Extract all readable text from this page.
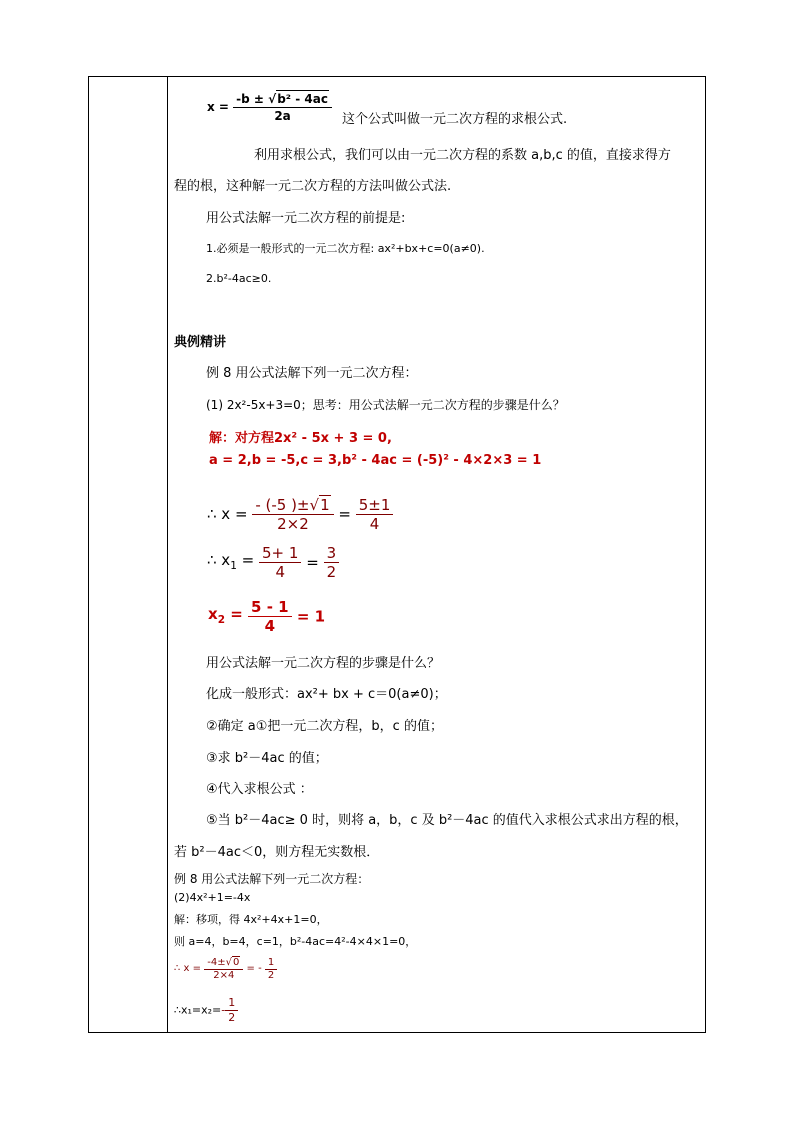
$x = \frac{\text{-b ± √b² - 4ac}}{2a}$ 这个公式叫做一元二次方程的求根公式.
利用求根公式，我们可以由一元二次方程的系数 a,b,c 的值，直接求得方
程的根，这种解一元二次方程的方法叫做公式法.
用公式法解一元二次方程的前提是:
1.必须是一般形式的一元二次方程: ax²+bx+c=0(a≠0).
2.b²-4ac≥0.
典例精讲
例 8 用公式法解下列一元二次方程：
(1) 2x²-5x+3=0；思考：用公式法解一元二次方程的步骤是什么？
解：对方程2x² - 5x + 3 = 0,
a = 2,b = -5,c = 3,b² - 4ac = (-5)² - 4×2×3 = 1
∴ $x = \frac{- (-5 )\pm√1}{2\times 2} = \frac{5\pm 1}{4}$
∴ $x_1 = \frac{5+ 1}{4} = \frac{3}{2}$
$x_2 = \frac{5 - 1}{4} = 1$
用公式法解一元二次方程的步骤是什么？
化成一般形式：ax²+ bx + c＝0(a≠0)；
②确定 a①把一元二次方程，b，c 的值；
③求 b²－4ac 的值；
④代入求根公式 ：
⑤当 b²－4ac≥ 0 时，则将 a，b，c 及 b²－4ac 的值代入求根公式求出方程的根，
若 b²－4ac＜0，则方程无实数根．
例 8 用公式法解下列一元二次方程：
(2)4x²+1=-4x
解：移项，得 4x²+4x+1=0，
则 a=4，b=4，c=1，b²-4ac=4²-4×4×1=0，
∴ $x = \frac{-4\pm√0}{2\times 4}$ = - $\frac{1}{2}$
∴x₁=x₂=- $\frac{1}{2}$
